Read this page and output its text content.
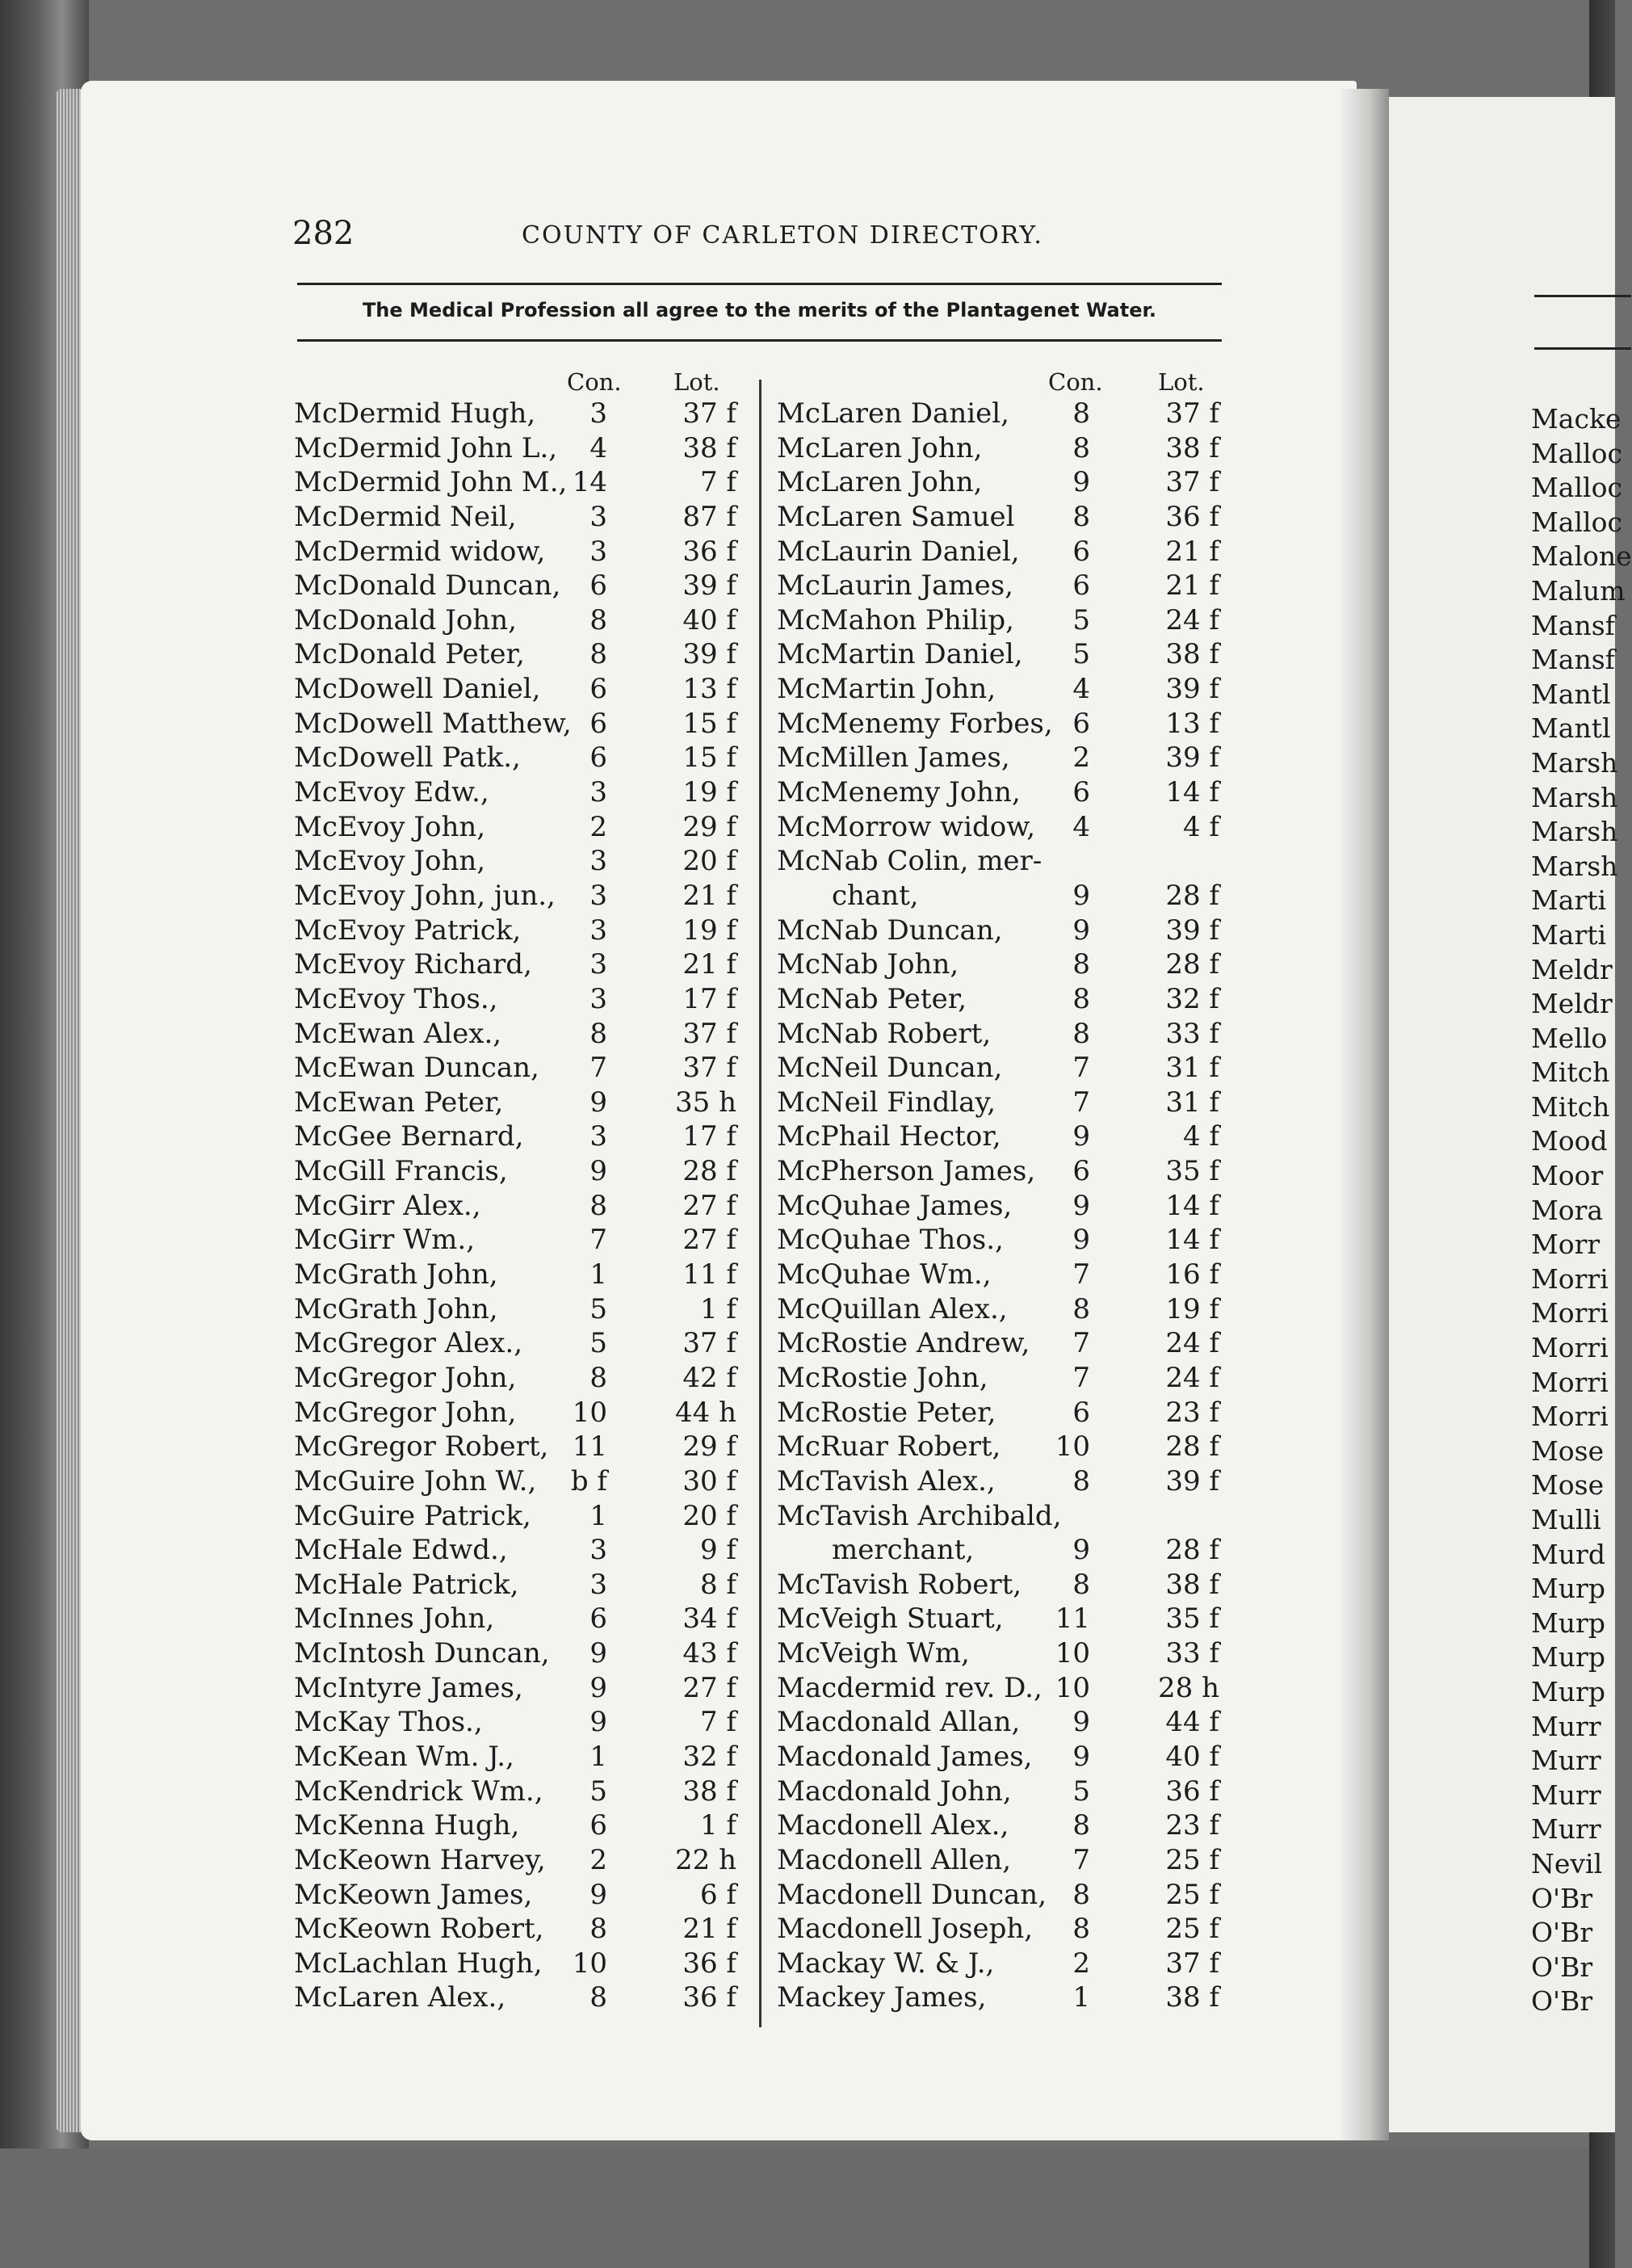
Macke
Malloc
Malloc
Malloc
Malone
Malum
Mansf
Mansf
Mantl
Mantl
Marsh
Marsh
Marsh
Marsh
Marti
Marti
Meldr
Meldr
Mello
Mitch
Mitch
Mood
Moor
Mora
Morr
Morri
Morri
Morri
Morri
Morri
Mose
Mose
Mulli
Murd
Murp
Murp
Murp
Murp
Murr
Murr
Murr
Murr
Nevil
O'Br
O'Br
O'Br
O'Br
282	COUNTY OF CARLETON DIRECTORY.
The Medical Profession all agree to the merits of the Plantagenet Water.
Con. Lot.	Con. Lot.
McDermid Hugh,	3	37 f
McDermid John L.,	4	38 f
McDermid John M., 14	7 f
McDermid Neil,	3	87 f
McDermid widow,	3	36 f
McDonald Duncan,	6	39 f
McDonald John,	8	40 f
McDonald Peter,	8	39 f
McDowell Daniel,	6	13 f
McDowell Matthew, 6	15 f
McDowell Patk.,	6	15 f
McEvoy Edw.,	3	19 f
McEvoy John,	2	29 f
McEvoy John,	3	20 f
McEvoy John, jun.,	3	21 f
McEvoy Patrick,	3	19 f
McEvoy Richard,	3	21 f
McEvoy Thos.,	3	17 f
McEwan Alex.,	8	37 f
McEwan Duncan,	7	37 f
McEwan Peter,	9	35 h
McGee Bernard,	3	17 f
McGill Francis,	9	28 f
McGirr Alex.,	8	27 f
McGirr Wm.,	7	27 f
McGrath John,	1	11 f
McGrath John,	5	1 f
McGregor Alex.,	5	37 f
McGregor John,	8	42 f
McGregor John,	10	44 h
McGregor Robert, 11	29 f
McGuire John W.,	b f	30 f
McGuire Patrick,	1	20 f
McHale Edwd.,	3	9 f
McHale Patrick,	3	8 f
McInnes John,	6	34 f
McIntosh Duncan,	9	43 f
McIntyre James,	9	27 f
McKay Thos.,	9	7 f
McKean Wm. J.,	1	32 f
McKendrick Wm.,	5	38 f
McKenna Hugh,	6	1 f
McKeown Harvey,	2	22 h
McKeown James,	9	6 f
McKeown Robert,	8	21 f
McLachlan Hugh,	10	36 f
McLaren Alex.,	8	36 f
McLaren Daniel,	8	37 f
McLaren John,	8	38 f
McLaren John,	9	37 f
McLaren Samuel	8	36 f
McLaurin Daniel,	6	21 f
McLaurin James,	6	21 f
McMahon Philip,	5	24 f
McMartin Daniel,	5	38 f
McMartin John,	4	39 f
McMenemy Forbes, 6	13 f
McMillen James,	2	39 f
McMenemy John,	6	14 f
McMorrow widow,	4	4 f
McNab Colin, mer-
  chant,	9	28 f
McNab Duncan,	9	39 f
McNab John,	8	28 f
McNab Peter,	8	32 f
McNab Robert,	8	33 f
McNeil Duncan,	7	31 f
McNeil Findlay,	7	31 f
McPhail Hector,	9	4 f
McPherson James,	6	35 f
McQuhae James,	9	14 f
McQuhae Thos.,	9	14 f
McQuhae Wm.,	7	16 f
McQuillan Alex.,	8	19 f
McRostie Andrew,	7	24 f
McRostie John,	7	24 f
McRostie Peter,	6	23 f
McRuar Robert,	10	28 f
McTavish Alex.,	8	39 f
McTavish Archibald,
  merchant,	9	28 f
McTavish Robert,	8	38 f
McVeigh Stuart,	11	35 f
McVeigh Wm,	10	33 f
Macdermid rev. D., 10	28 h
Macdonald Allan,	9	44 f
Macdonald James,	9	40 f
Macdonald John,	5	36 f
Macdonell Alex.,	8	23 f
Macdonell Allen,	7	25 f
Macdonell Duncan, 8	25 f
Macdonell Joseph,	8	25 f
Mackay W. & J.,	2	37 f
Mackey James,	1	38 f
